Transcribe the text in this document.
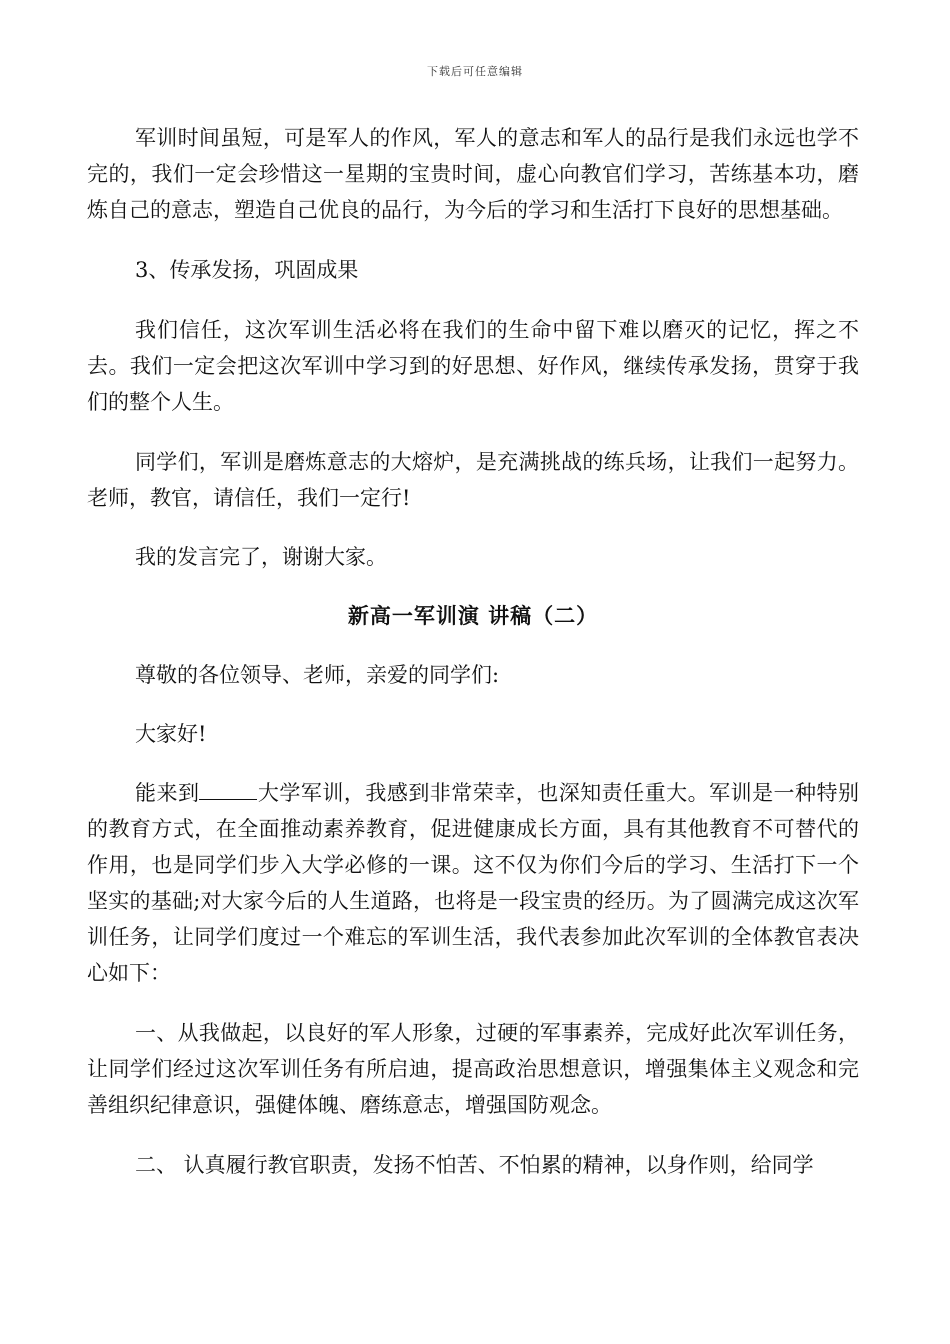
下载后可任意编辑

军训时间虽短，可是军人的作风，军人的意志和军人的品行是我们永远也学不完的，我们一定会珍惜这一星期的宝贵时间，虚心向教官们学习，苦练基本功，磨炼自己的意志，塑造自己优良的品行，为今后的学习和生活打下良好的思想基础。

3、传承发扬，巩固成果

我们信任，这次军训生活必将在我们的生命中留下难以磨灭的记忆，挥之不去。我们一定会把这次军训中学习到的好思想、好作风，继续传承发扬，贯穿于我们的整个人生。

同学们，军训是磨炼意志的大熔炉，是充满挑战的练兵场，让我们一起努力。老师，教官，请信任，我们一定行!

我的发言完了，谢谢大家。

新高一军训演 讲稿（二）

尊敬的各位领导、老师，亲爱的同学们:

大家好!

能来到	大学军训，我感到非常荣幸，也深知责任重大。军训是一种特别的教育方式，在全面推动素养教育，促进健康成长方面，具有其他教育不可替代的作用，也是同学们步入大学必修的一课。这不仅为你们今后的学习、生活打下一个坚实的基础;对大家今后的人生道路，也将是一段宝贵的经历。为了圆满完成这次军训任务，让同学们度过一个难忘的军训生活，我代表参加此次军训的全体教官表决心如下：

一、从我做起，以良好的军人形象，过硬的军事素养，完成好此次军训任务，让同学们经过这次军训任务有所启迪，提高政治思想意识，增强集体主义观念和完善组织纪律意识，强健体魄、磨练意志，增强国防观念。

二、 认真履行教官职责，发扬不怕苦、不怕累的精神，以身作则，给同学
